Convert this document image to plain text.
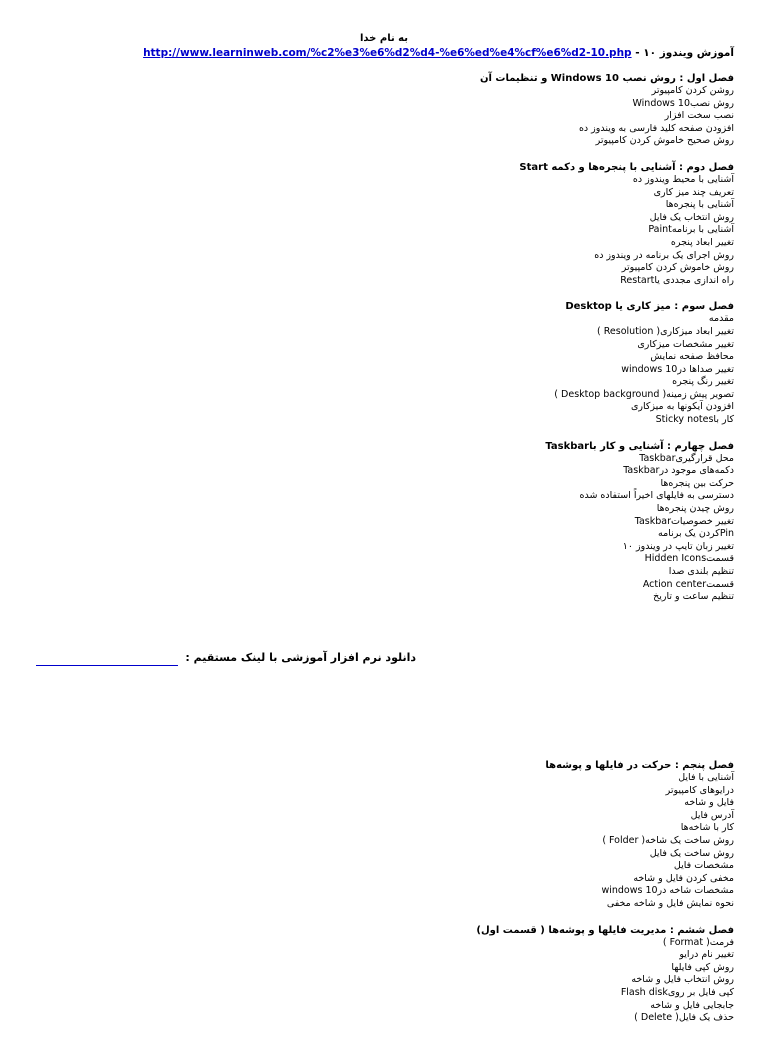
به نام خدا
آموزش ویندوز ۱۰ - http://www.learninweb.com/%c2%e3%e6%d2%d4-%e6%ed%e4%cf%e6%d2-10.php
فصل اول : روش نصب Windows 10 و تنظیمات آن
روشن کردن کامپیوتر
روش نصبWindows 10
نصب سخت افزار
افزودن صفحه کلید فارسی به ویندوز ده
روش صحیح خاموش کردن کامپیوتر
فصل دوم : آشنایی با پنجره‌ها و دکمه Start
آشنایی با محیط ویندوز ده
تعریف چند میز کاری
آشنایی با پنجره‌ها
روش انتخاب یک فایل
آشنایی با برنامهPaint
تغییر ابعاد پنجره
روش اجرای یک برنامه در ویندوز ده
روش خاموش کردن کامپیوتر
راه اندازی مجددی یاRestart
فصل سوم : میز کاری یا Desktop
مقدمه
تغییر ابعاد میزکاری( Resolution )
تغییر مشخصات میزکاری
محافظ صفحه نمایش
تغییر صداها درwindows 10
تغییر رنگ پنجره
تصویر پیش زمینه( Desktop background )
افزودن آیکونها به میزکاری
کار باSticky notes
فصل چهارم : آشنایی و کار باTaskbar
محل قرارگیریTaskbar
دکمه‌های موجود درTaskbar
حرکت بین پنجره‌ها
دسترسی به فایلهای اخیراً استفاده شده
روش چیدن پنجره‌ها
تغییر خصوصیاتTaskbar
Pinکردن یک برنامه
تغییر زبان تایپ در ویندوز ۱۰
قسمتHidden Icons
تنظیم بلندی صدا
قسمتAction center
تنظیم ساعت و تاریخ
دانلود نرم افزار آموزشی با لینک مستقیم :
فصل پنجم : حرکت در فایلها و پوشه‌ها
آشنایی با فایل
درایوهای کامپیوتر
فایل و شاخه
آدرس فایل
کار با شاخه‌ها
روش ساخت یک شاخه( Folder )
روش ساخت یک فایل
مشخصات فایل
مخفی کردن فایل و شاخه
مشخصات شاخه درwindows 10
نحوه نمایش فایل و شاخه مخفی
فصل ششم : مدیریت فایلها و پوشه‌ها ( قسمت اول)
فرمت( Format )
تغییر نام درایو
روش کپی فایلها
روش انتخاب فایل و شاخه
کپی فایل بر رویFlash disk
جابجایی فایل و شاخه
حذف یک فایل( Delete )
